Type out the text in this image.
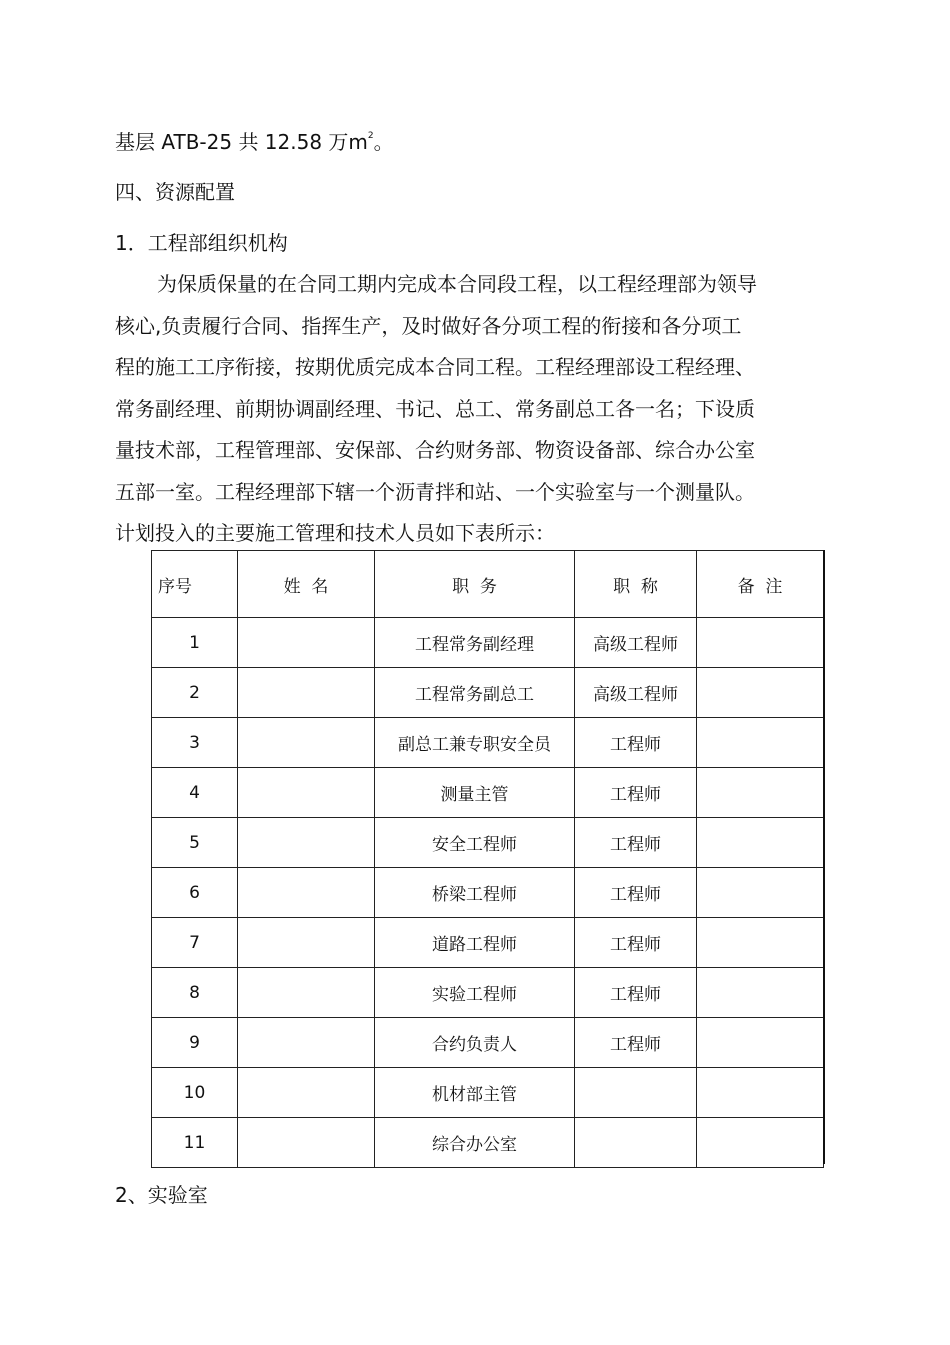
基层 ATB-25 共 12.58 万$m^2$。
四、资源配置
1．工程部组织机构
为保质保量的在合同工期内完成本合同段工程，以工程经理部为领导
核心,负责履行合同、指挥生产，及时做好各分项工程的衔接和各分项工
程的施工工序衔接，按期优质完成本合同工程。工程经理部设工程经理、
常务副经理、前期协调副经理、书记、总工、常务副总工各一名；下设质
量技术部，工程管理部、安保部、合约财务部、物资设备部、综合办公室
五部一室。工程经理部下辖一个沥青拌和站、一个实验室与一个测量队。
计划投入的主要施工管理和技术人员如下表所示：
序号	姓  名	职  务	职  称	备  注
1		工程常务副经理	高级工程师	
2		工程常务副总工	高级工程师	
3		副总工兼专职安全员	工程师	
4		测量主管	工程师	
5		安全工程师	工程师	
6		桥梁工程师	工程师	
7		道路工程师	工程师	
8		实验工程师	工程师	
9		合约负责人	工程师	
10		机材部主管		
11		综合办公室		
2、实验室
